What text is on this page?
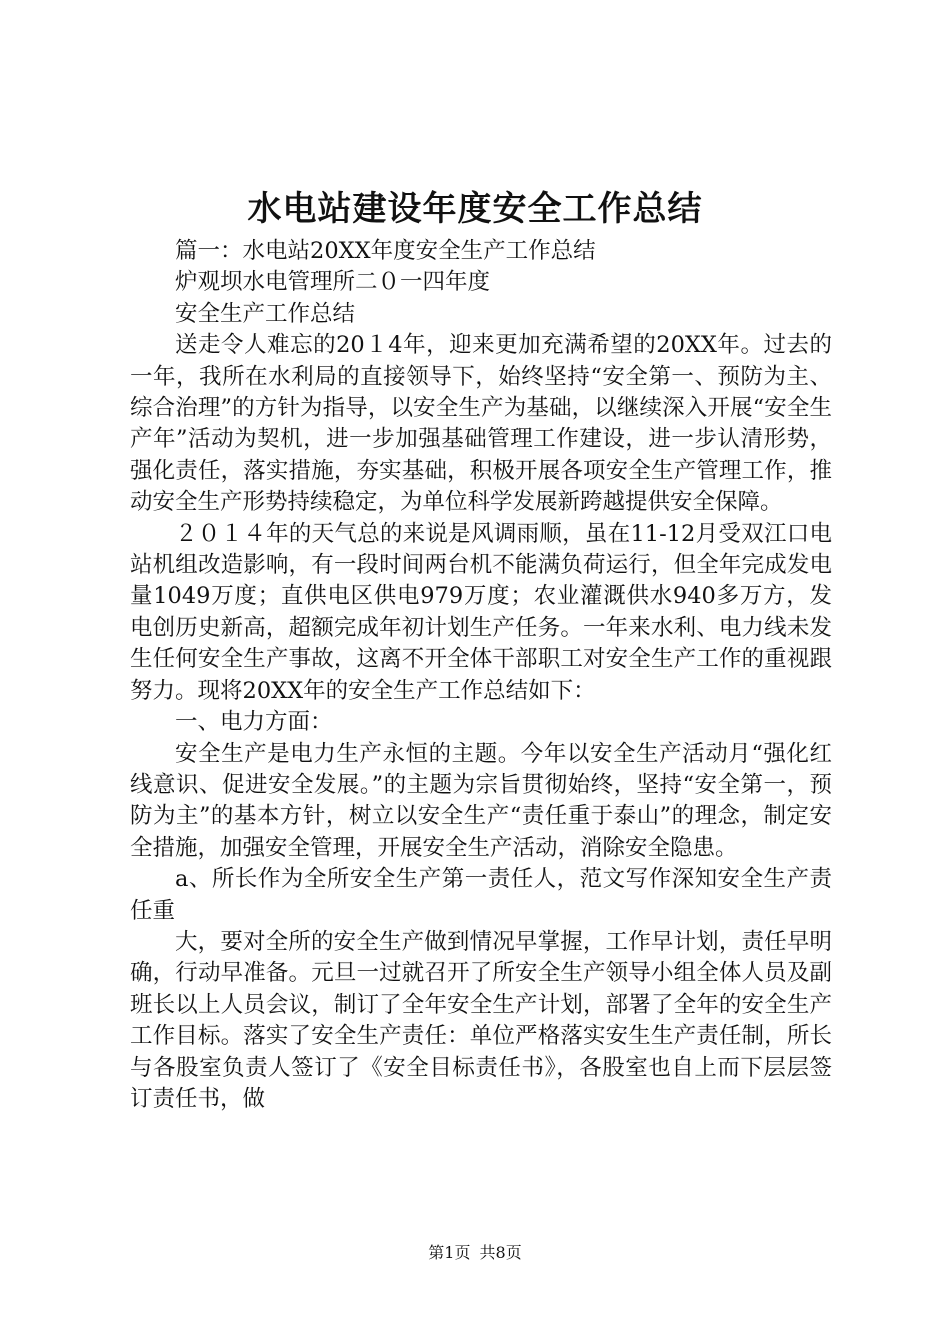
水电站建设年度安全工作总结

篇一：水电站20XX年度安全生产工作总结

炉观坝水电管理所二０一四年度

安全生产工作总结

送走令人难忘的20１4年，迎来更加充满希望的20XX年。过去的一年，我所在水利局的直接领导下，始终坚持“安全第一、预防为主、综合治理”的方针为指导，以安全生产为基础，以继续深入开展“安全生产年”活动为契机，进一步加强基础管理工作建设，进一步认清形势，强化责任，落实措施，夯实基础，积极开展各项安全生产管理工作，推动安全生产形势持续稳定，为单位科学发展新跨越提供安全保障。

２０１４年的天气总的来说是风调雨顺，虽在11-12月受双江口电站机组改造影响，有一段时间两台机不能满负荷运行，但全年完成发电量1049万度；直供电区供电979万度；农业灌溉供水940多万方，发电创历史新高，超额完成年初计划生产任务。一年来水利、电力线未发生任何安全生产事故，这离不开全体干部职工对安全生产工作的重视跟努力。现将20XX年的安全生产工作总结如下：

一、电力方面：

安全生产是电力生产永恒的主题。今年以安全生产活动月“强化红线意识、促进安全发展。”的主题为宗旨贯彻始终，坚持“安全第一，预防为主”的基本方针，树立以安全生产“责任重于泰山”的理念，制定安全措施，加强安全管理，开展安全生产活动，消除安全隐患。

a、所长作为全所安全生产第一责任人，范文写作深知安全生产责任重

大，要对全所的安全生产做到情况早掌握，工作早计划，责任早明确，行动早准备。元旦一过就召开了所安全生产领导小组全体人员及副班长以上人员会议，制订了全年安全生产计划，部署了全年的安全生产工作目标。落实了安全生产责任：单位严格落实安生生产责任制，所长与各股室负责人签订了《安全目标责任书》，各股室也自上而下层层签订责任书，做

第1页 共8页
